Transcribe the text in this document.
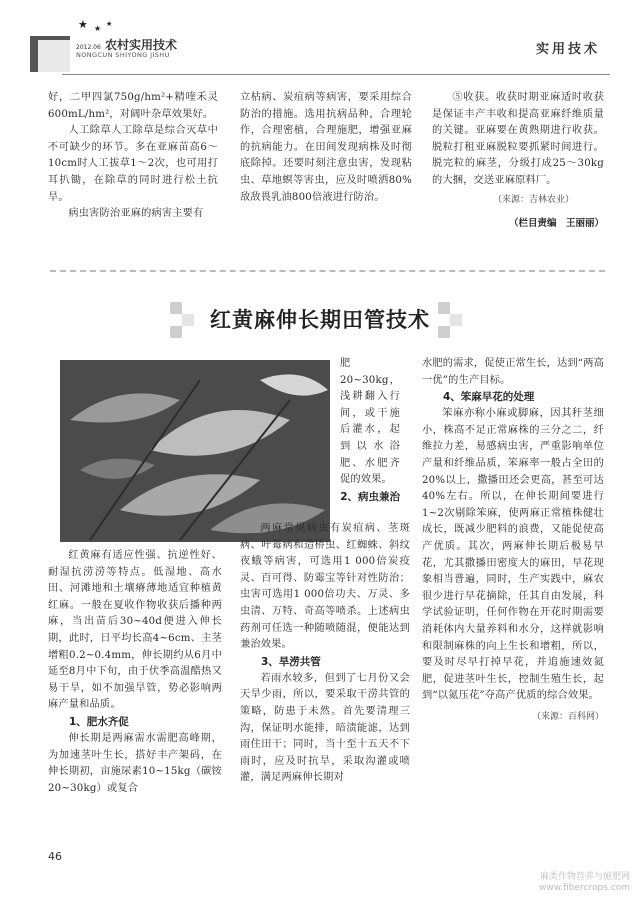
★ ★ ★
2012.06 农村实用技术
NONGCUN SHIYONG JISHU	实用技术

好，二甲四氯750g/hm²+精喹禾灵600mL/hm²，对阔叶杂草效果好。

人工除草人工除草是综合灭草中不可缺少的环节。多在亚麻苗高6～10cm时人工拔草1～2次，也可用打耳扒锄，在除草的同时进行松土抗旱。

病虫害防治亚麻的病害主要有

立枯病、炭疽病等病害，要采用综合防治的措施。选用抗病品种，合理轮作，合理密植，合理施肥，增强亚麻的抗病能力。在田间发现病株及时彻底除掉。还要时刻注意虫害，发现粘虫、草地螟等害虫，应及时喷洒80%敌敌畏乳油800倍液进行防治。

⑤收获。收获时期亚麻适时收获是保证丰产丰收和提高亚麻纤维质量的关键。亚麻要在黄熟期进行收获。脱粒打租亚麻脱粒要抓紧时间进行。脱完粒的麻茎，分级打成25～30kg的大捆，交送亚麻原料厂。

（来源：吉林农业）

（栏目责编　王丽丽）

红黄麻伸长期田管技术

肥20~30kg，浅耕翻入行间，或干施后灌水，起到以水浴肥、水肥齐促的效果。

2、病虫兼治

红黄麻有适应性强、抗逆性好、耐湿抗涝涝等特点。低湿地、高水田、河滩地和土壤瘠薄地适宜种植黄红麻。一般在夏收作物收获后播种两麻，当出苗后30~40d便进入伸长期，此时，日平均长高4~6cm、主茎增粗0.2~0.4mm，伸长期约从6月中延至8月中下旬，由于伏季高温酷热又易干旱，如不加强旱管，势必影响两麻产量和品质。

1、肥水齐促

伸长期是两麻需水需肥高峰期，为加速茎叶生长，搭好丰产架码，在伸长期初，亩施尿素10~15kg（碳铵20~30kg）或复合

两麻常见病虫有炭疽病、茎斑病、叶霉病和造桥虫、红蜘蛛、斜纹夜蛾等病害，可选用1 000倍炭疫灵、百可得、防霉宝等针对性防治；虫害可选用1 000倍功夫、万灵、多虫清、万特、奇高等喷杀。上述病虫药剂可任选一种随喷随混，便能达到兼治效果。

3、旱涝共管

若雨水较多，但到了七月份又会天旱少雨，所以，要采取干涝共管的策略，防患于未然。首先要清理三沟，保证明水能排，暗渍能滤，达到雨住田干；同时，当十至十五天不下雨时，应及时抗旱，采取沟灌或喷灌，满足两麻伸长期对

水肥的需求，促使正常生长，达到“两高一优”的生产目标。

4、笨麻早花的处理

笨麻亦称小麻或脚麻，因其秆茎细小，株高不足正常麻株的三分之二，纤维拉力差，易感病虫害，严重影响单位产量和纤维品质，笨麻率一般占全田的20%以上，撒播田还会更高，甚至可达40%左右。所以，在伸长期间要进行1~2次剔除笨麻，使两麻正常植株健壮成长，既减少肥料的浪费，又能促使高产优质。其次，两麻伸长期后极易早花，尤其撒播田密度大的麻田，早花现象相当普遍，同时，生产实践中，麻农很少进行早花摘除，任其自由发展，科学试验证明，任何作物在开花时期需要消耗体内大量养料和水分，这样就影响和限制麻株的向上生长和增粗，所以，要及时尽早打掉早花，并追施速效氮肥，促进茎叶生长，控制生殖生长，起到“以氮压花”夺高产优质的综合效果。

（来源：百科网）

46
麻类作物营养与施肥网
www.fibercrops.com
